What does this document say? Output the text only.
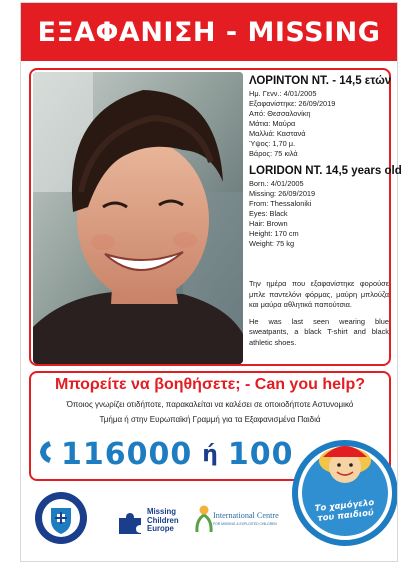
ΕΞΑΦΑΝΙΣΗ - MISSING

ΛΟΡΙΝΤΟΝ ΝΤ. - 14,5 ετών

Ημ. Γενν.: 4/01/2005

Εξαφανίστηκε: 26/09/2019

Από: Θεσσαλονίκη

Μάτια: Μαύρα

Μαλλιά: Καστανά

Ύψος: 1,70 μ.

Βάρος: 75 κιλά

LORIDON NT. 14,5 years old

Born.: 4/01/2005

Missing: 26/09/2019

From: Thessaloniki

Eyes: Black

Hair: Brown

Height: 170 cm

Weight: 75 kg

Την ημέρα που εξαφανίστηκε φορούσε μπλε παντελόνι φόρμας, μαύρη μπλούζα και μαύρα αθλητικά παπούτσια.

He was last seen wearing blue sweatpants, a black T-shirt and black athletic shoes.

Μπορείτε να βοηθήσετε; - Can you help?
Όποιος γνωρίζει οτιδήποτε, παρακαλείται να καλέσει σε οποιοδήποτε Αστυνομικό
Τμήμα ή στην Ευρωπαϊκή Γραμμή για τα Εξαφανισμένα Παιδιά
116000 ή 100
Το χαμόγελο του παιδιού
Missing
Children
Europe
International Centre
FOR MISSING & EXPLOITED CHILDREN
